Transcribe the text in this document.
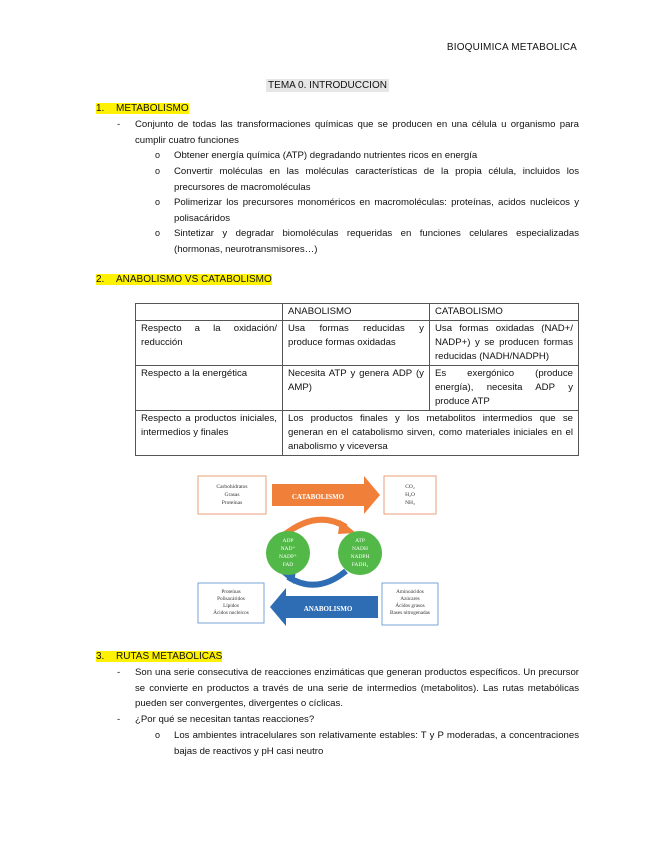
BIOQUIMICA METABOLICA
TEMA 0. INTRODUCCION
1. METABOLISMO
- Conjunto de todas las transformaciones químicas que se producen en una célula u organismo para cumplir cuatro funciones
o Obtener energía química (ATP) degradando nutrientes ricos en energía
o Convertir moléculas en las moléculas características de la propia célula, incluidos los precursores de macromoléculas
o Polimerizar los precursores monoméricos en macromoléculas: proteínas, acidos nucleicos y polisacáridos
o Sintetizar y degradar biomoléculas requeridas en funciones celulares especializadas (hormonas, neurotransmisores…)
2. ANABOLISMO VS CATABOLISMO
	ANABOLISMO	CATABOLISMO
Respecto a la oxidación/ reducción	Usa formas reducidas y produce formas oxidadas	Usa formas oxidadas (NAD+/ NADP+) y se producen formas reducidas (NADH/NADPH)
Respecto a la energética	Necesita ATP y genera ADP (y AMP)	Es exergónico (produce energía), necesita ADP y produce ATP
Respecto a productos iniciales, intermedios y finales	Los productos finales y los metabolitos intermedios que se generan en el catabolismo sirven, como materiales iniciales en el anabolismo y viceversa	
Carbohidratos
Grasas
Proteínas
CATABOLISMO
CO₂
H₂O
NH₃
ADP
NAD⁺
NADP⁺
FAD
ATP
NADH
NADPH
FADH₂
Proteínas
Polisacáridos
Lípidos
Ácidos nucleicos	ANABOLISMO
Aminoácidos
Azúcares
Ácidos grasos
Bases nitrogenadas
3. RUTAS METABOLICAS
- Son una serie consecutiva de reacciones enzimáticas que generan productos específicos. Un precursor se convierte en productos a través de una serie de intermedios (metabolitos). Las rutas metabólicas pueden ser convergentes, divergentes o cíclicas.
- ¿Por qué se necesitan tantas reacciones?
o Los ambientes intracelulares son relativamente estables: T y P moderadas, a concentraciones bajas de reactivos y pH casi neutro
